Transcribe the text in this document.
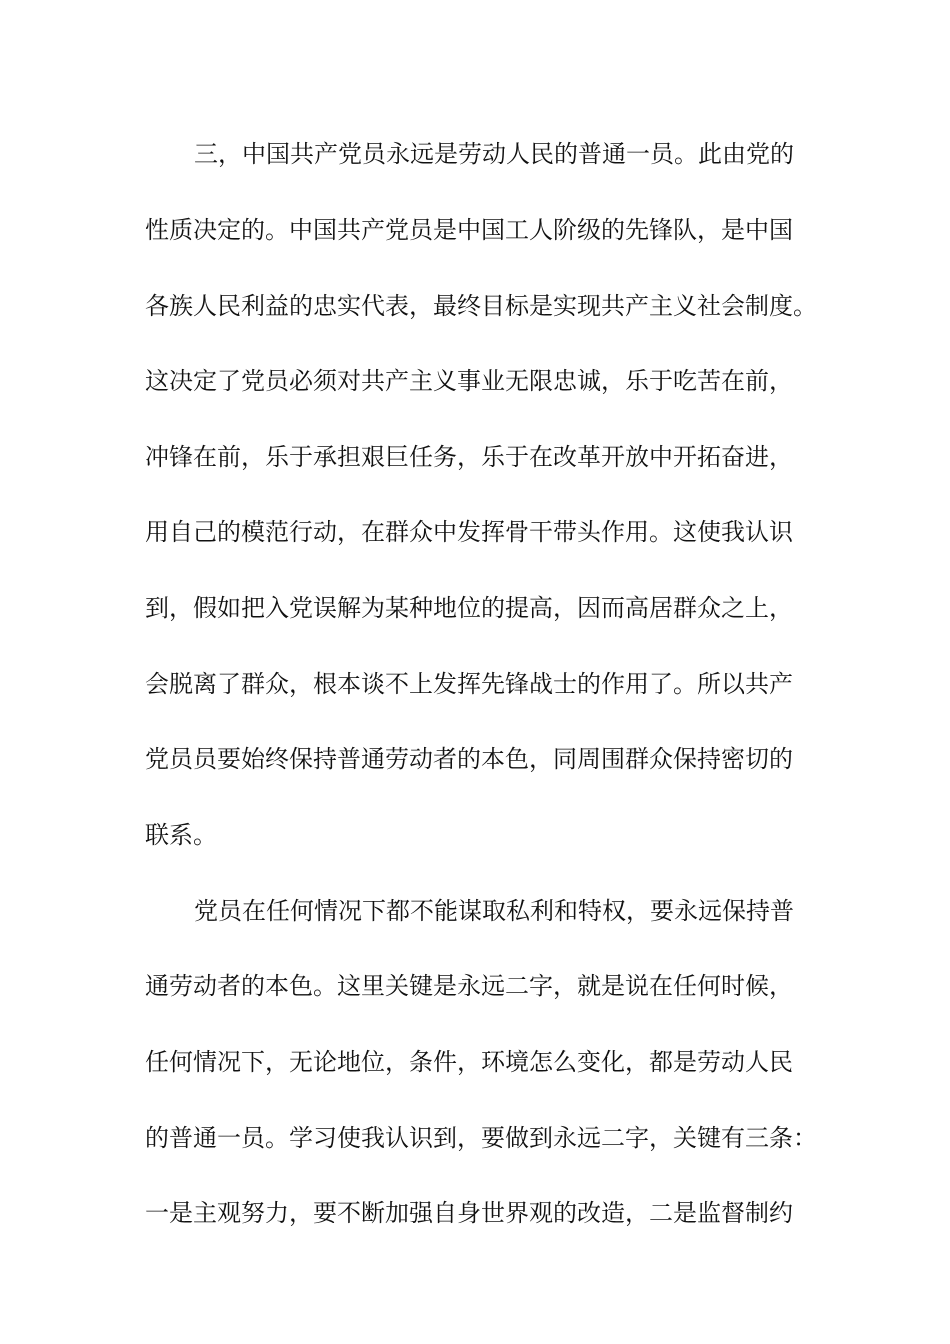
三，中国共产党员永远是劳动人民的普通一员。此由党的
性质决定的。中国共产党员是中国工人阶级的先锋队，是中国
各族人民利益的忠实代表，最终目标是实现共产主义社会制度。
这决定了党员必须对共产主义事业无限忠诚，乐于吃苦在前，
冲锋在前，乐于承担艰巨任务，乐于在改革开放中开拓奋进，
用自己的模范行动，在群众中发挥骨干带头作用。这使我认识
到，假如把入党误解为某种地位的提高，因而高居群众之上，
会脱离了群众，根本谈不上发挥先锋战士的作用了。所以共产
党员员要始终保持普通劳动者的本色，同周围群众保持密切的
联系。
党员在任何情况下都不能谋取私利和特权，要永远保持普
通劳动者的本色。这里关键是永远二字，就是说在任何时候，
任何情况下，无论地位，条件，环境怎么变化，都是劳动人民
的普通一员。学习使我认识到，要做到永远二字，关键有三条：
一是主观努力，要不断加强自身世界观的改造，二是监督制约
